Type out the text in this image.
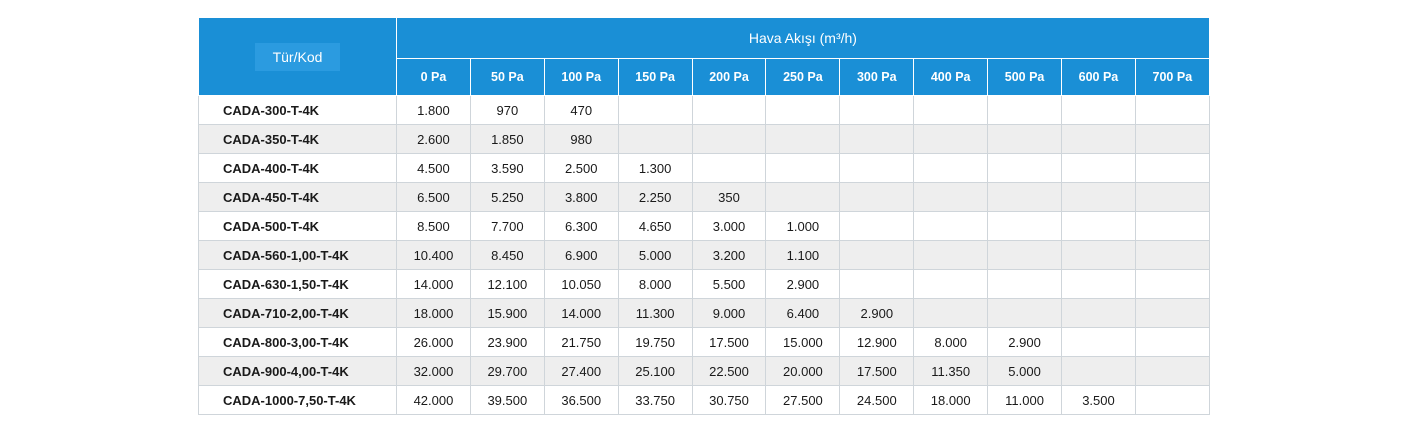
Tür/Kod	Hava Akışı (m³/h)										
	0 Pa	50 Pa	100 Pa	150 Pa	200 Pa	250 Pa	300 Pa	400 Pa	500 Pa	600 Pa	700 Pa
CADA-300-T-4K	1.800	970	470								
CADA-350-T-4K	2.600	1.850	980								
CADA-400-T-4K	4.500	3.590	2.500	1.300							
CADA-450-T-4K	6.500	5.250	3.800	2.250	350						
CADA-500-T-4K	8.500	7.700	6.300	4.650	3.000	1.000					
CADA-560-1,00-T-4K	10.400	8.450	6.900	5.000	3.200	1.100					
CADA-630-1,50-T-4K	14.000	12.100	10.050	8.000	5.500	2.900					
CADA-710-2,00-T-4K	18.000	15.900	14.000	11.300	9.000	6.400	2.900				
CADA-800-3,00-T-4K	26.000	23.900	21.750	19.750	17.500	15.000	12.900	8.000	2.900		
CADA-900-4,00-T-4K	32.000	29.700	27.400	25.100	22.500	20.000	17.500	11.350	5.000		
CADA-1000-7,50-T-4K	42.000	39.500	36.500	33.750	30.750	27.500	24.500	18.000	11.000	3.500	
